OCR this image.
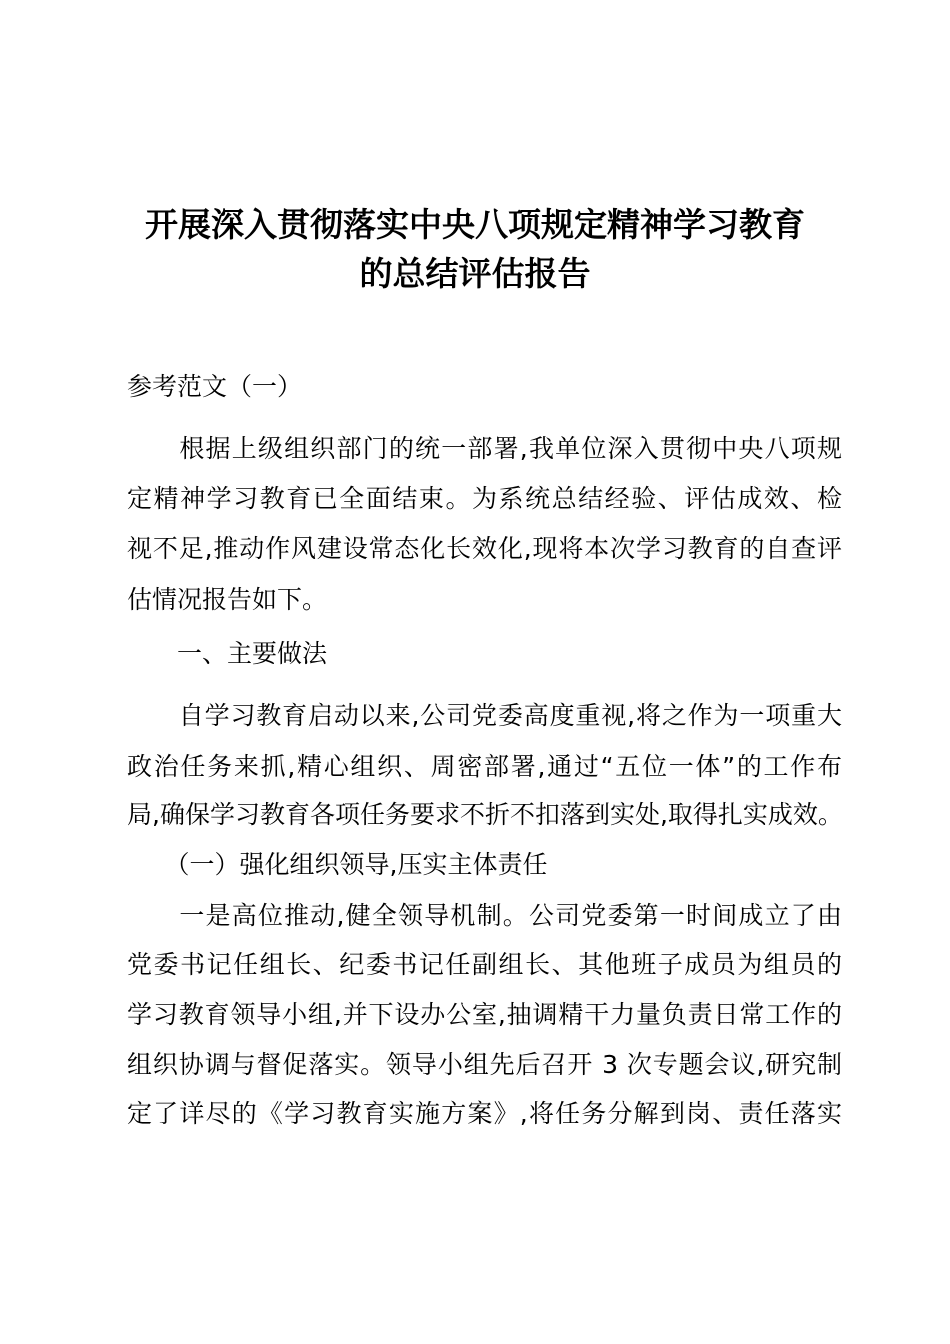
开展深入贯彻落实中央八项规定精神学习教育
的总结评估报告

参考范文（一）

　　根据上级组织部门的统一部署,我单位深入贯彻中央八项规

定精神学习教育已全面结束。为系统总结经验、评估成效、检

视不足,推动作风建设常态化长效化,现将本次学习教育的自查评

估情况报告如下。

　　一、主要做法

　　自学习教育启动以来,公司党委高度重视,将之作为一项重大

政治任务来抓,精心组织、周密部署,通过“五位一体”的工作布

局,确保学习教育各项任务要求不折不扣落到实处,取得扎实成效。

　　（一）强化组织领导,压实主体责任

　　一是高位推动,健全领导机制。公司党委第一时间成立了由

党委书记任组长、纪委书记任副组长、其他班子成员为组员的

学习教育领导小组,并下设办公室,抽调精干力量负责日常工作的

组织协调与督促落实。领导小组先后召开 3 次专题会议,研究制

定了详尽的《学习教育实施方案》,将任务分解到岗、责任落实
